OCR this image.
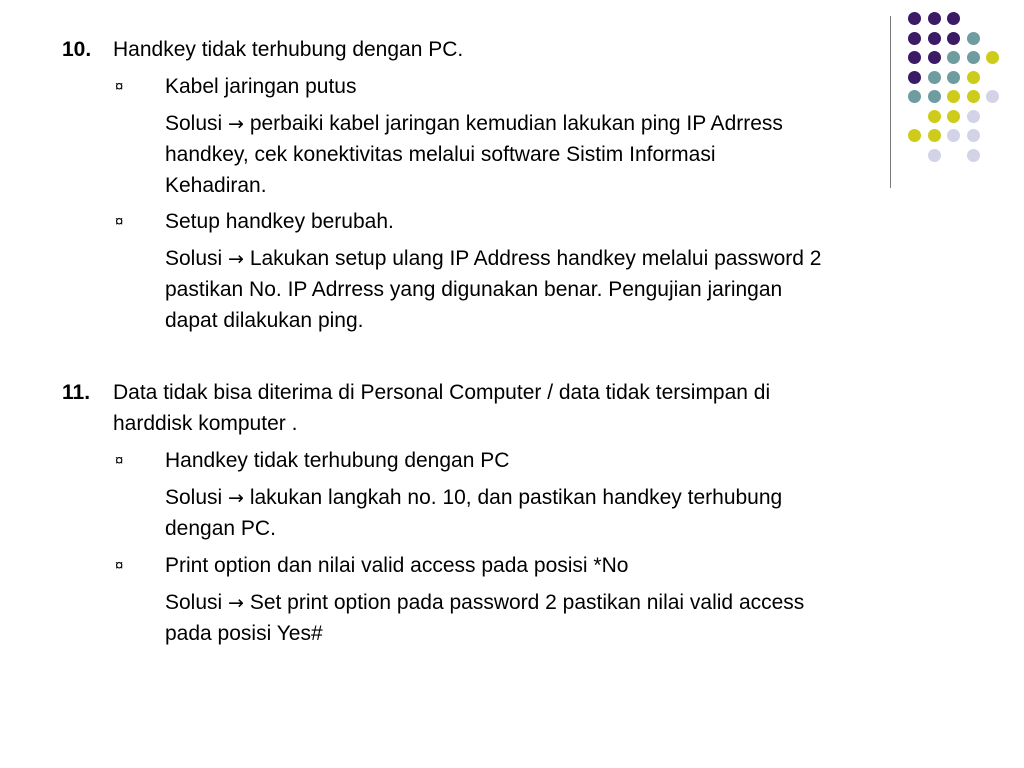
10. Handkey tidak terhubung dengan PC.
¤ Kabel jaringan putus
Solusi → perbaiki kabel jaringan kemudian lakukan ping IP Adrress
handkey, cek konektivitas melalui software Sistim Informasi
Kehadiran.
¤ Setup handkey berubah.
Solusi → Lakukan setup ulang IP Address handkey melalui password 2
pastikan No. IP Adrress yang digunakan benar. Pengujian jaringan
dapat dilakukan ping.
11. Data tidak bisa diterima di Personal Computer / data tidak tersimpan di
harddisk komputer .
¤ Handkey tidak terhubung dengan PC
Solusi → lakukan langkah no. 10, dan pastikan handkey terhubung
dengan PC.
¤ Print option dan nilai valid access pada posisi *No
Solusi → Set print option pada password 2 pastikan nilai valid access
pada posisi Yes#
